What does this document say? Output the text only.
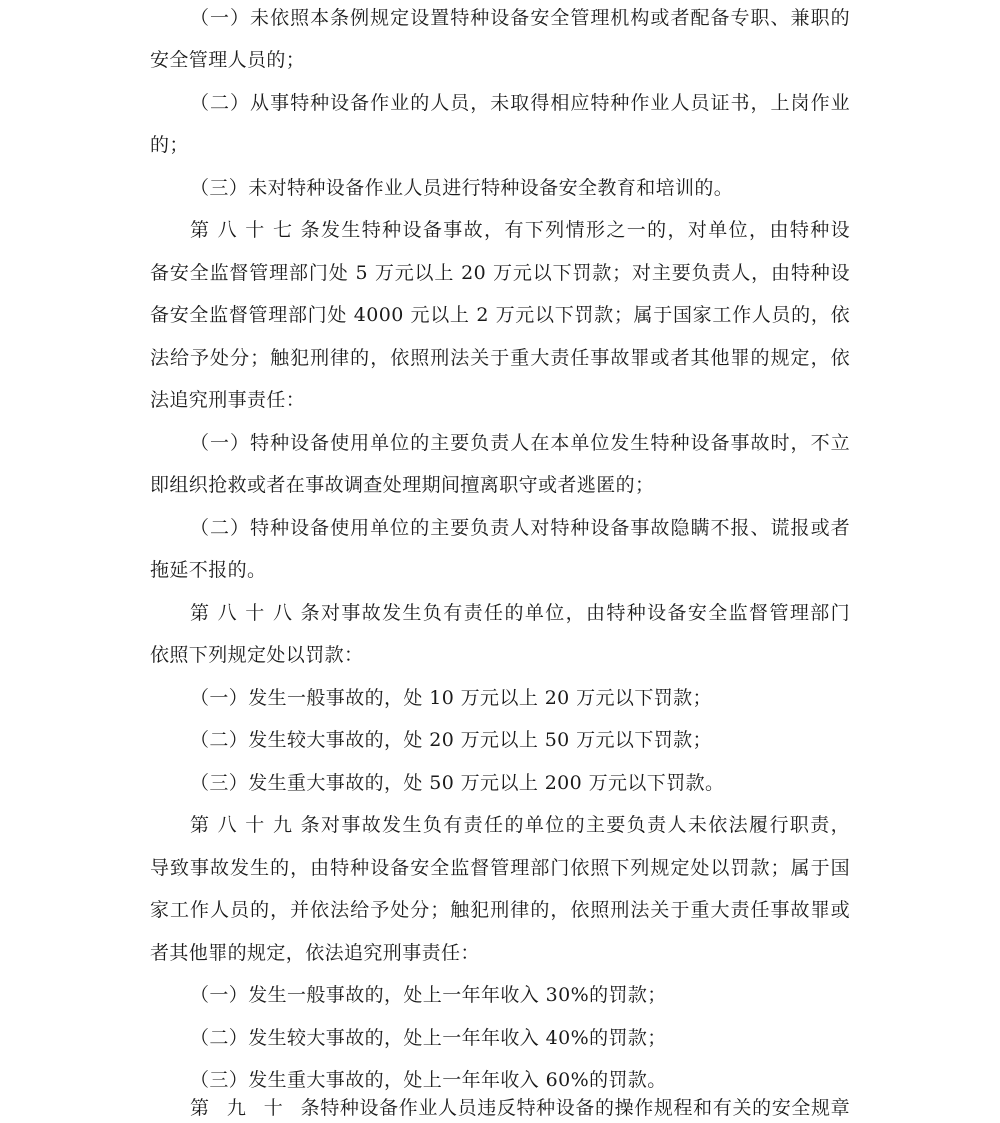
（一）未依照本条例规定设置特种设备安全管理机构或者配备专职、兼职的
安全管理人员的；
（二）从事特种设备作业的人员，未取得相应特种作业人员证书，上岗作业
的；
（三）未对特种设备作业人员进行特种设备安全教育和培训的。
第八十七条发生特种设备事故，有下列情形之一的，对单位，由特种设
备安全监督管理部门处 5 万元以上 20 万元以下罚款；对主要负责人，由特种设
备安全监督管理部门处 4000 元以上 2 万元以下罚款；属于国家工作人员的，依
法给予处分；触犯刑律的，依照刑法关于重大责任事故罪或者其他罪的规定，依
法追究刑事责任：
（一）特种设备使用单位的主要负责人在本单位发生特种设备事故时，不立
即组织抢救或者在事故调查处理期间擅离职守或者逃匿的；
（二）特种设备使用单位的主要负责人对特种设备事故隐瞒不报、谎报或者
拖延不报的。
第八十八条对事故发生负有责任的单位，由特种设备安全监督管理部门
依照下列规定处以罚款：
（一）发生一般事故的，处 10 万元以上 20 万元以下罚款；
（二）发生较大事故的，处 20 万元以上 50 万元以下罚款；
（三）发生重大事故的，处 50 万元以上 200 万元以下罚款。
第八十九条对事故发生负有责任的单位的主要负责人未依法履行职责，
导致事故发生的，由特种设备安全监督管理部门依照下列规定处以罚款；属于国
家工作人员的，并依法给予处分；触犯刑律的，依照刑法关于重大责任事故罪或
者其他罪的规定，依法追究刑事责任：
（一）发生一般事故的，处上一年年收入 30%的罚款；
（二）发生较大事故的，处上一年年收入 40%的罚款；
（三）发生重大事故的，处上一年年收入 60%的罚款。
第九十条特种设备作业人员违反特种设备的操作规程和有关的安全规章
